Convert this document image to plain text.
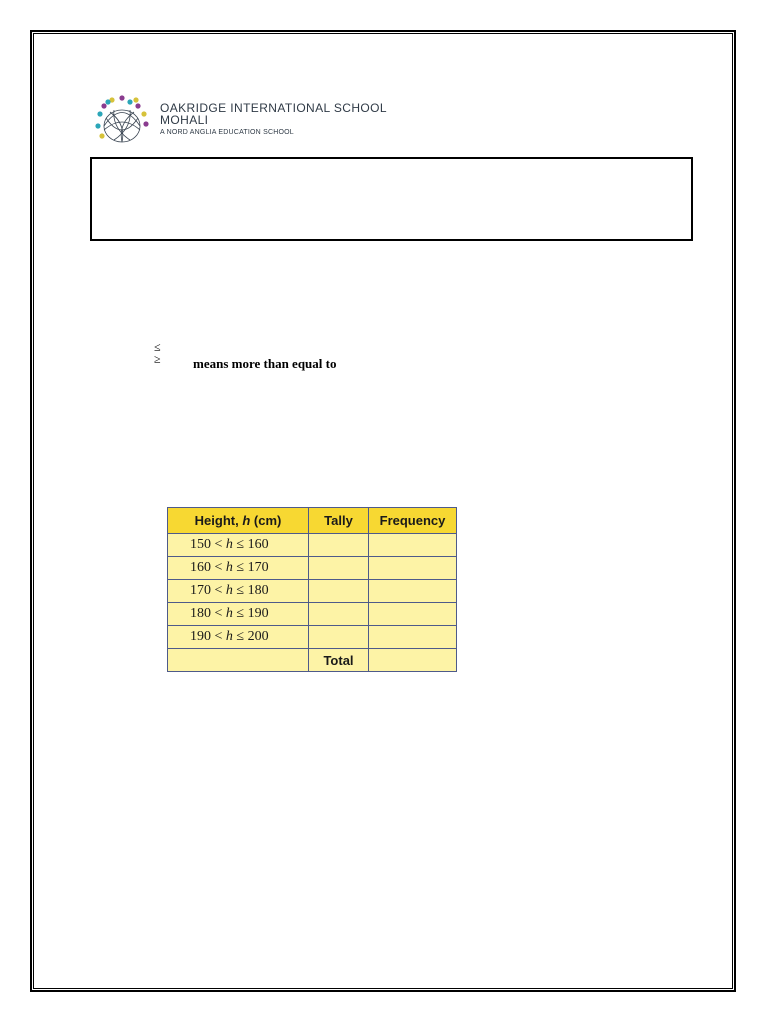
OAKRIDGE INTERNATIONAL SCHOOL
MOHALI
A NORD ANGLIA EDUCATION SCHOOL
≤
≥ means more than equal to
Height, h (cm)	Tally	Frequency
150 < h ≤ 160		
160 < h ≤ 170		
170 < h ≤ 180		
180 < h ≤ 190		
190 < h ≤ 200		
	Total	
